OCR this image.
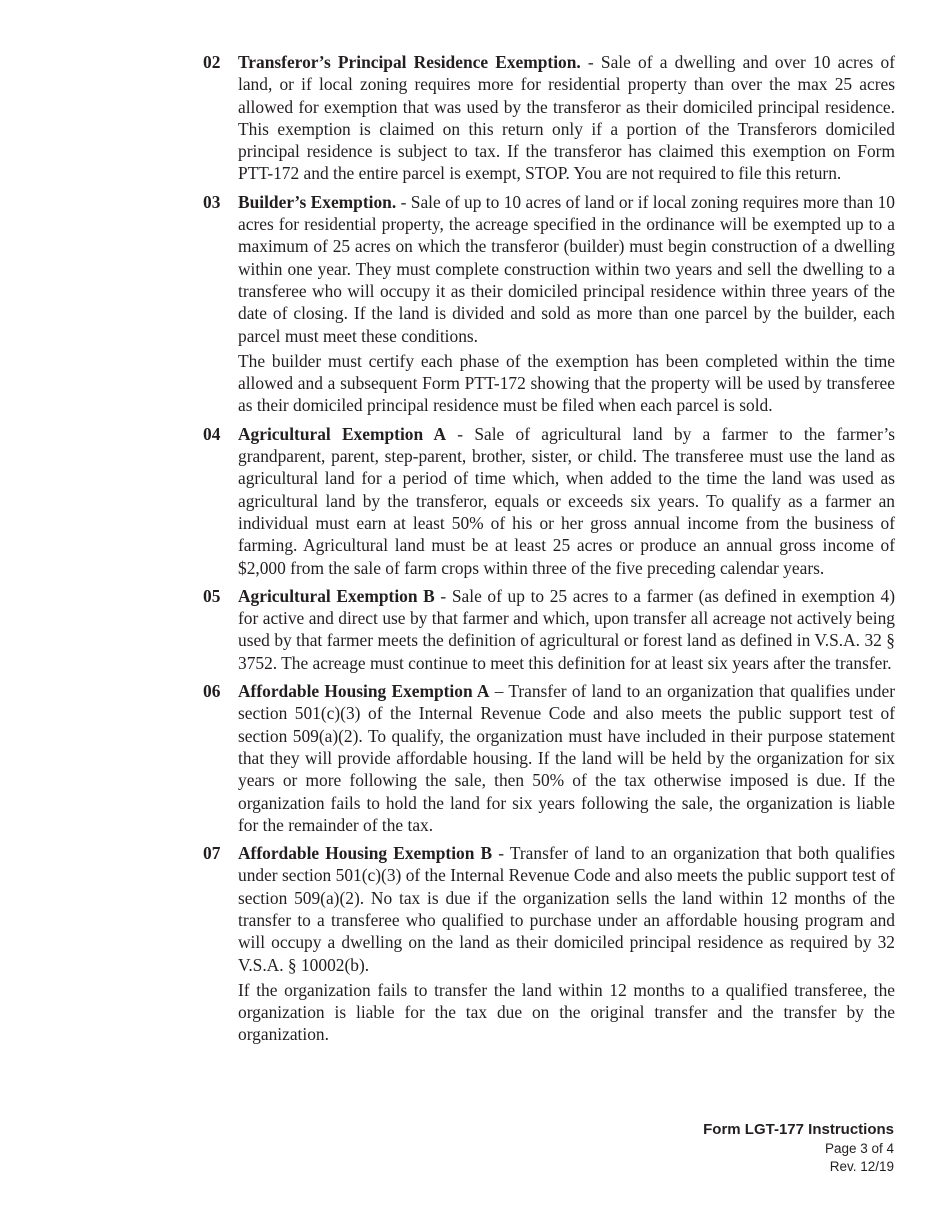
02	Transferor’s Principal Residence Exemption. - Sale of a dwelling and over 10 acres of land, or if local zoning requires more for residential property than over the max 25 acres allowed for exemption that was used by the transferor as their domiciled principal residence. This exemption is claimed on this return only if a portion of the Transferors domiciled principal residence is subject to tax. If the transferor has claimed this exemption on Form PTT-172 and the entire parcel is exempt, STOP. You are not required to file this return.

03	Builder’s Exemption. - Sale of up to 10 acres of land or if local zoning requires more than 10 acres for residential property, the acreage specified in the ordinance will be exempted up to a maximum of 25 acres on which the transferor (builder) must begin construction of a dwelling within one year. They must complete construction within two years and sell the dwelling to a transferee who will occupy it as their domiciled principal residence within three years of the date of closing. If the land is divided and sold as more than one parcel by the builder, each parcel must meet these conditions.

The builder must certify each phase of the exemption has been completed within the time allowed and a subsequent Form PTT-172 showing that the property will be used by transferee as their domiciled principal residence must be filed when each parcel is sold.

04	Agricultural Exemption A - Sale of agricultural land by a farmer to the farmer’s grandparent, parent, step-parent, brother, sister, or child. The transferee must use the land as agricultural land for a period of time which, when added to the time the land was used as agricultural land by the transferor, equals or exceeds six years. To qualify as a farmer an individual must earn at least 50% of his or her gross annual income from the business of farming. Agricultural land must be at least 25 acres or produce an annual gross income of $2,000 from the sale of farm crops within three of the five preceding calendar years.

05	Agricultural Exemption B - Sale of up to 25 acres to a farmer (as defined in exemption 4) for active and direct use by that farmer and which, upon transfer all acreage not actively being used by that farmer meets the definition of agricultural or forest land as defined in V.S.A. 32 § 3752. The acreage must continue to meet this definition for at least six years after the transfer.

06	Affordable Housing Exemption A – Transfer of land to an organization that qualifies under section 501(c)(3) of the Internal Revenue Code and also meets the public support test of section 509(a)(2). To qualify, the organization must have included in their purpose statement that they will provide affordable housing. If the land will be held by the organization for six years or more following the sale, then 50% of the tax otherwise imposed is due. If the organization fails to hold the land for six years following the sale, the organization is liable for the remainder of the tax.

07	Affordable Housing Exemption B - Transfer of land to an organization that both qualifies under section 501(c)(3) of the Internal Revenue Code and also meets the public support test of section 509(a)(2). No tax is due if the organization sells the land within 12 months of the transfer to a transferee who qualified to purchase under an affordable housing program and will occupy a dwelling on the land as their domiciled principal residence as required by 32 V.S.A. § 10002(b).

If the organization fails to transfer the land within 12 months to a qualified transferee, the organization is liable for the tax due on the original transfer and the transfer by the organization.

Form LGT-177 Instructions
Page 3 of 4
Rev. 12/19
